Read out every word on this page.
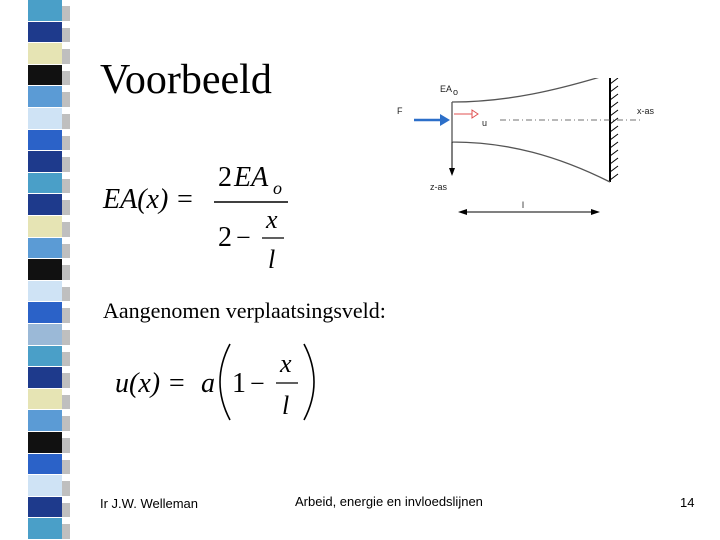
Voorbeeld
EA(x) =
2 EA o
2 −
x
l
EA o
F
u
x-as
z-as
l
Aangenomen verplaatsingsveld:
u(x) = a 1 −
x
l
Ir J.W. Welleman	Arbeid, energie en invloedslijnen	14
